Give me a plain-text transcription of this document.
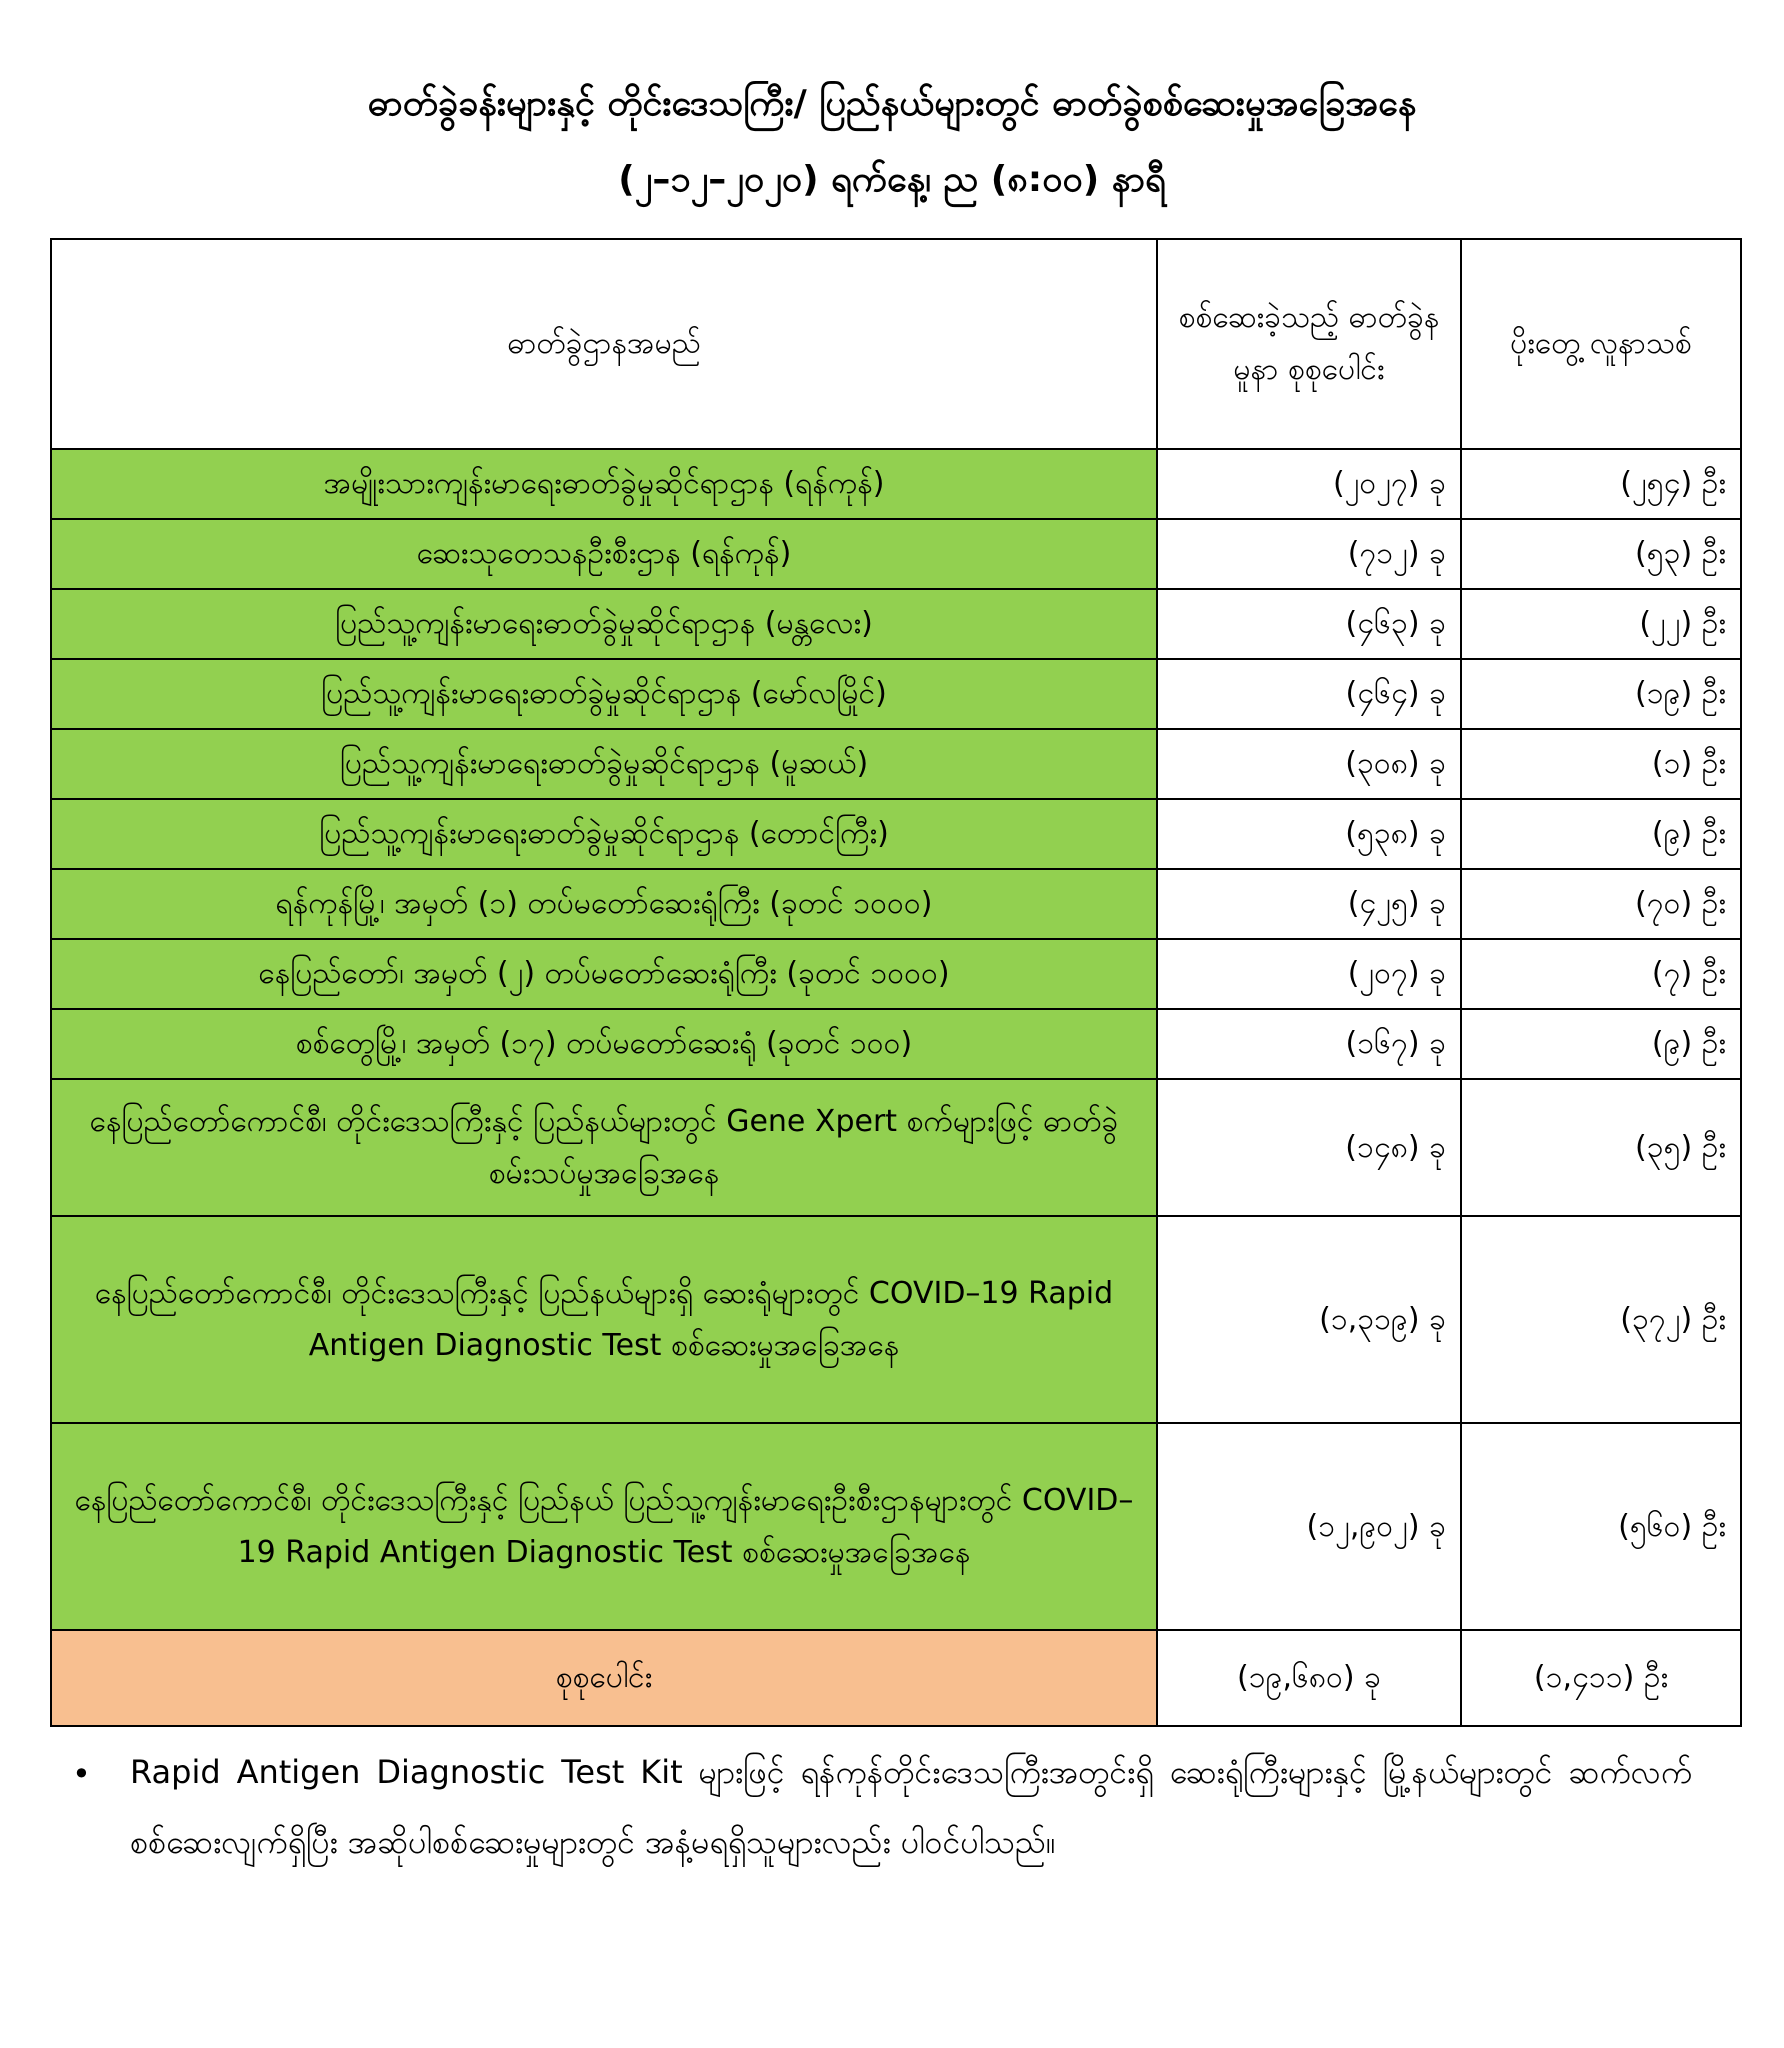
ဓာတ်ခွဲခန်းများနှင့် တိုင်းဒေသကြီး/ ပြည်နယ်များတွင် ဓာတ်ခွဲစစ်ဆေးမှုအခြေအနေ
(၂–၁၂–၂၀၂၀) ရက်နေ့၊ ည (၈:၀၀) နာရီ
ဓာတ်ခွဲဌာနအမည်	စစ်ဆေးခဲ့သည့် ဓာတ်ခွဲနမူနာ စုစုပေါင်း	ပိုးတွေ့ လူနာသစ်
အမျိုးသားကျန်းမာရေးဓာတ်ခွဲမှုဆိုင်ရာဌာန (ရန်ကုန်)	(၂၀၂၇) ခု	(၂၅၄) ဦး
ဆေးသုတေသနဦးစီးဌာန (ရန်ကုန်)	(၇၁၂) ခု	(၅၃) ဦး
ပြည်သူ့ကျန်းမာရေးဓာတ်ခွဲမှုဆိုင်ရာဌာန (မန္တလေး)	(၄၆၃) ခု	(၂၂) ဦး
ပြည်သူ့ကျန်းမာရေးဓာတ်ခွဲမှုဆိုင်ရာဌာန (မော်လမြိုင်)	(၄၆၄) ခု	(၁၉) ဦး
ပြည်သူ့ကျန်းမာရေးဓာတ်ခွဲမှုဆိုင်ရာဌာန (မူဆယ်)	(၃၀၈) ခု	(၁) ဦး
ပြည်သူ့ကျန်းမာရေးဓာတ်ခွဲမှုဆိုင်ရာဌာန (တောင်ကြီး)	(၅၃၈) ခု	(၉) ဦး
ရန်ကုန်မြို့၊ အမှတ် (၁) တပ်မတော်ဆေးရုံကြီး (ခုတင် ၁၀၀၀)	(၄၂၅) ခု	(၇၀) ဦး
နေပြည်တော်၊ အမှတ် (၂) တပ်မတော်ဆေးရုံကြီး (ခုတင် ၁၀၀၀)	(၂၀၇) ခု	(၇) ဦး
စစ်တွေမြို့၊ အမှတ် (၁၇) တပ်မတော်ဆေးရုံ (ခုတင် ၁၀၀)	(၁၆၇) ခု	(၉) ဦး
နေပြည်တော်ကောင်စီ၊ တိုင်းဒေသကြီးနှင့် ပြည်နယ်များတွင် Gene Xpert စက်များဖြင့် ဓာတ်ခွဲစမ်းသပ်မှုအခြေအနေ	(၁၄၈) ခု	(၃၅) ဦး
နေပြည်တော်ကောင်စီ၊ တိုင်းဒေသကြီးနှင့် ပြည်နယ်များရှိ ဆေးရုံများတွင် COVID–19 Rapid Antigen Diagnostic Test စစ်ဆေးမှုအခြေအနေ	(၁,၃၁၉) ခု	(၃၇၂) ဦး
နေပြည်တော်ကောင်စီ၊ တိုင်းဒေသကြီးနှင့် ပြည်နယ် ပြည်သူ့ကျန်းမာရေးဦးစီးဌာနများတွင် COVID–19 Rapid Antigen Diagnostic Test စစ်ဆေးမှုအခြေအနေ	(၁၂,၉၀၂) ခု	(၅၆၀) ဦး
စုစုပေါင်း	(၁၉,၆၈၀) ခု	(၁,၄၁၁) ဦး
• Rapid Antigen Diagnostic Test Kit များဖြင့် ရန်ကုန်တိုင်းဒေသကြီးအတွင်းရှိ ဆေးရုံကြီးများနှင့် မြို့နယ်များတွင် ဆက်လက်စစ်ဆေးလျက်ရှိပြီး အဆိုပါစစ်ဆေးမှုများတွင် အနံ့မရရှိသူများလည်း ပါဝင်ပါသည်။
